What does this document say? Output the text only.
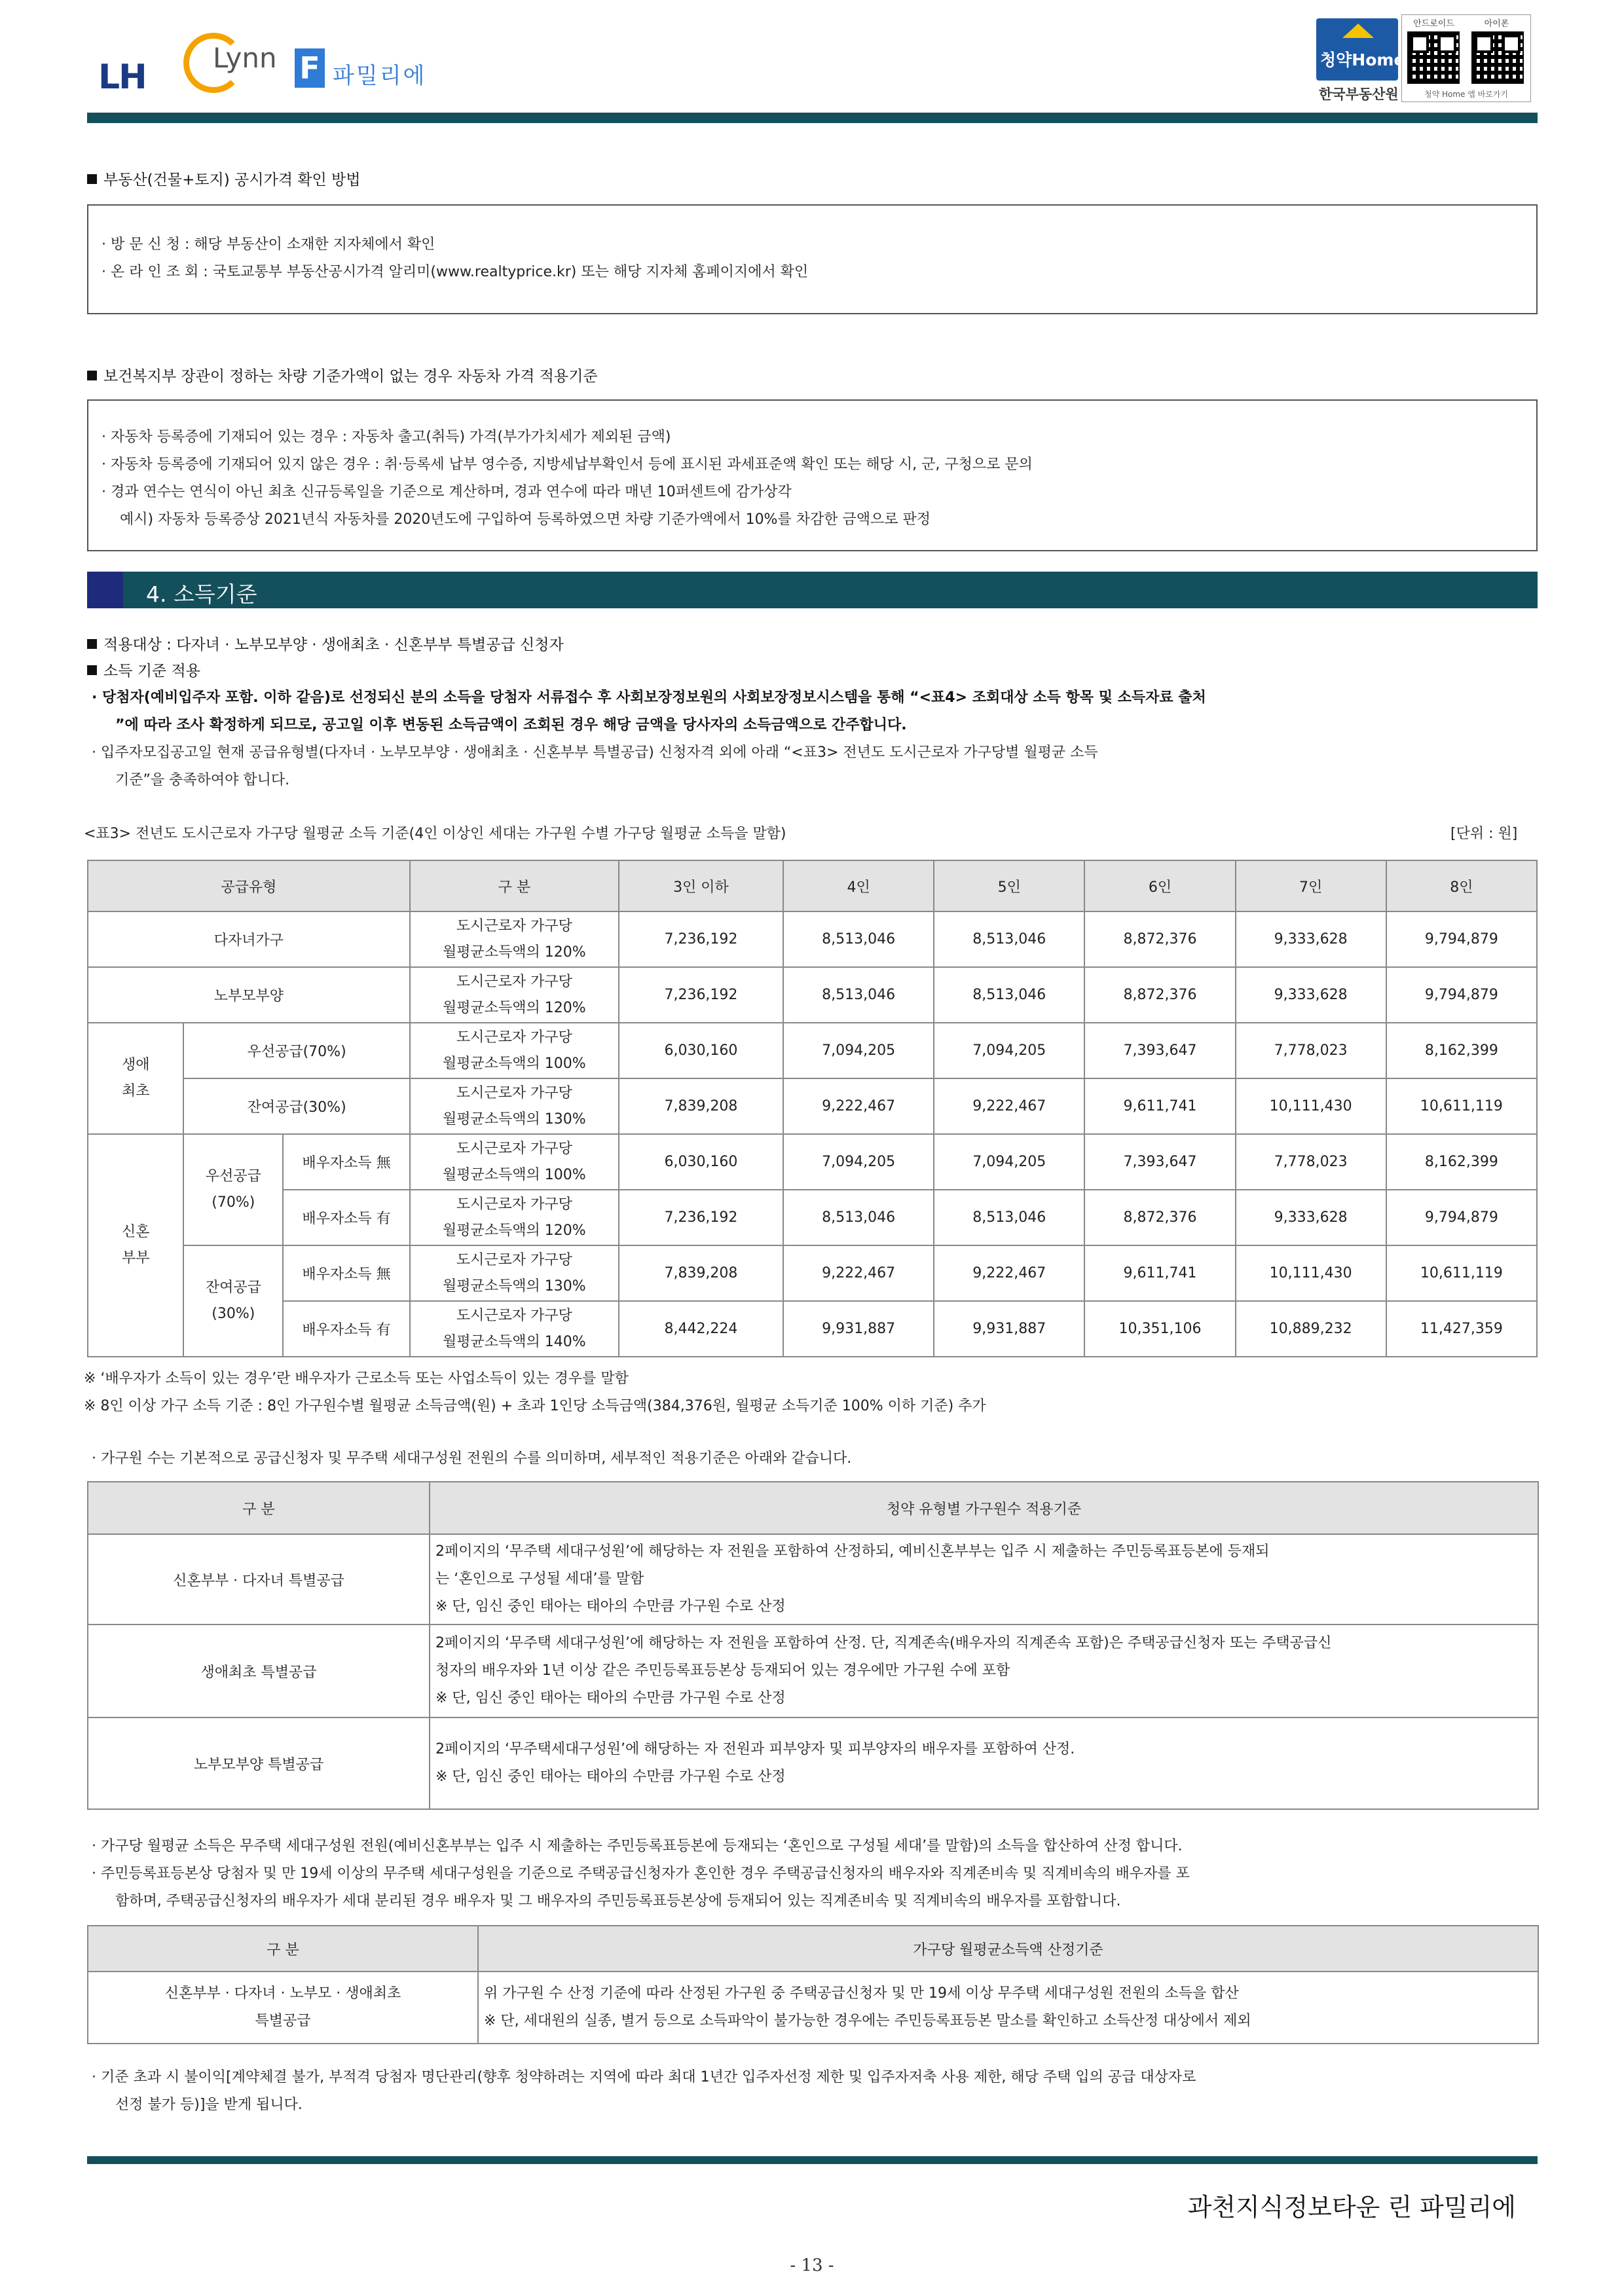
LH Lynn F 파밀리에
청약Home
한국부동산원
안드로이드	아이폰
청약 Home 앱 바로가기
부동산(건물+토지) 공시가격 확인 방법
· 방 문 신 청 : 해당 부동산이 소재한 지자체에서 확인
· 온 라 인 조 회 : 국토교통부 부동산공시가격 알리미(www.realtyprice.kr) 또는 해당 지자체 홈페이지에서 확인
보건복지부 장관이 정하는 차량 기준가액이 없는 경우 자동차 가격 적용기준
· 자동차 등록증에 기재되어 있는 경우 : 자동차 출고(취득) 가격(부가가치세가 제외된 금액)
· 자동차 등록증에 기재되어 있지 않은 경우 : 취·등록세 납부 영수증, 지방세납부확인서 등에 표시된 과세표준액 확인 또는 해당 시, 군, 구청으로 문의
· 경과 연수는 연식이 아닌 최초 신규등록일을 기준으로 계산하며, 경과 연수에 따라 매년 10퍼센트에 감가상각
예시) 자동차 등록증상 2021년식 자동차를 2020년도에 구입하여 등록하였으면 차량 기준가액에서 10%를 차감한 금액으로 판정
4. 소득기준
적용대상 : 다자녀 · 노부모부양 · 생애최초 · 신혼부부 특별공급 신청자
소득 기준 적용
· 당첨자(예비입주자 포함. 이하 같음)로 선정되신 분의 소득을 당첨자 서류접수 후 사회보장정보원의 사회보장정보시스템을 통해 “<표4> 조회대상 소득 항목 및 소득자료 출처
”에 따라 조사 확정하게 되므로, 공고일 이후 변동된 소득금액이 조회된 경우 해당 금액을 당사자의 소득금액으로 간주합니다.
· 입주자모집공고일 현재 공급유형별(다자녀 · 노부모부양 · 생애최초 · 신혼부부 특별공급) 신청자격 외에 아래 “<표3> 전년도 도시근로자 가구당별 월평균 소득
기준”을 충족하여야 합니다.
<표3> 전년도 도시근로자 가구당 월평균 소득 기준(4인 이상인 세대는 가구원 수별 가구당 월평균 소득을 말함)	[단위 : 원]
공급유형			구 분	3인 이하	4인	5인	6인	7인	8인
다자녀가구			도시근로자 가구당
월평균소득액의 120%	7,236,192	8,513,046	8,513,046	8,872,376	9,333,628	9,794,879
노부모부양			도시근로자 가구당
월평균소득액의 120%	7,236,192	8,513,046	8,513,046	8,872,376	9,333,628	9,794,879
생애
최초	우선공급(70%)		도시근로자 가구당
월평균소득액의 100%	6,030,160	7,094,205	7,094,205	7,393,647	7,778,023	8,162,399
	잔여공급(30%)		도시근로자 가구당
월평균소득액의 130%	7,839,208	9,222,467	9,222,467	9,611,741	10,111,430	10,611,119
신혼
부부	우선공급
(70%)	배우자소득 無	도시근로자 가구당
월평균소득액의 100%	6,030,160	7,094,205	7,094,205	7,393,647	7,778,023	8,162,399
		배우자소득 有	도시근로자 가구당
월평균소득액의 120%	7,236,192	8,513,046	8,513,046	8,872,376	9,333,628	9,794,879
	잔여공급
(30%)	배우자소득 無	도시근로자 가구당
월평균소득액의 130%	7,839,208	9,222,467	9,222,467	9,611,741	10,111,430	10,611,119
		배우자소득 有	도시근로자 가구당
월평균소득액의 140%	8,442,224	9,931,887	9,931,887	10,351,106	10,889,232	11,427,359
※ ‘배우자가 소득이 있는 경우’란 배우자가 근로소득 또는 사업소득이 있는 경우를 말함
※ 8인 이상 가구 소득 기준 : 8인 가구원수별 월평균 소득금액(원) + 초과 1인당 소득금액(384,376원, 월평균 소득기준 100% 이하 기준) 추가
· 가구원 수는 기본적으로 공급신청자 및 무주택 세대구성원 전원의 수를 의미하며, 세부적인 적용기준은 아래와 같습니다.
구 분	청약 유형별 가구원수 적용기준
신혼부부 · 다자녀 특별공급	2페이지의 ‘무주택 세대구성원’에 해당하는 자 전원을 포함하여 산정하되, 예비신혼부부는 입주 시 제출하는 주민등록표등본에 등재되
는 ‘혼인으로 구성될 세대’를 말함
※ 단, 임신 중인 태아는 태아의 수만큼 가구원 수로 산정
생애최초 특별공급	2페이지의 ‘무주택 세대구성원’에 해당하는 자 전원을 포함하여 산정. 단, 직계존속(배우자의 직계존속 포함)은 주택공급신청자 또는 주택공급신
청자의 배우자와 1년 이상 같은 주민등록표등본상 등재되어 있는 경우에만 가구원 수에 포함
※ 단, 임신 중인 태아는 태아의 수만큼 가구원 수로 산정
노부모부양 특별공급	2페이지의 ‘무주택세대구성원’에 해당하는 자 전원과 피부양자 및 피부양자의 배우자를 포함하여 산정.
※ 단, 임신 중인 태아는 태아의 수만큼 가구원 수로 산정
· 가구당 월평균 소득은 무주택 세대구성원 전원(예비신혼부부는 입주 시 제출하는 주민등록표등본에 등재되는 ‘혼인으로 구성될 세대’를 말함)의 소득을 합산하여 산정 합니다.
· 주민등록표등본상 당첨자 및 만 19세 이상의 무주택 세대구성원을 기준으로 주택공급신청자가 혼인한 경우 주택공급신청자의 배우자와 직계존비속 및 직계비속의 배우자를 포
함하며, 주택공급신청자의 배우자가 세대 분리된 경우 배우자 및 그 배우자의 주민등록표등본상에 등재되어 있는 직계존비속 및 직계비속의 배우자를 포함합니다.
구 분	가구당 월평균소득액 산정기준
신혼부부 · 다자녀 · 노부모 · 생애최초
특별공급	위 가구원 수 산정 기준에 따라 산정된 가구원 중 주택공급신청자 및 만 19세 이상 무주택 세대구성원 전원의 소득을 합산
※ 단, 세대원의 실종, 별거 등으로 소득파악이 불가능한 경우에는 주민등록표등본 말소를 확인하고 소득산정 대상에서 제외
· 기준 초과 시 불이익[계약체결 불가, 부적격 당첨자 명단관리(향후 청약하려는 지역에 따라 최대 1년간 입주자선정 제한 및 입주자저축 사용 제한, 해당 주택 입의 공급 대상자로
선정 불가 등)]을 받게 됩니다.
과천지식정보타운 린 파밀리에
- 13 -
